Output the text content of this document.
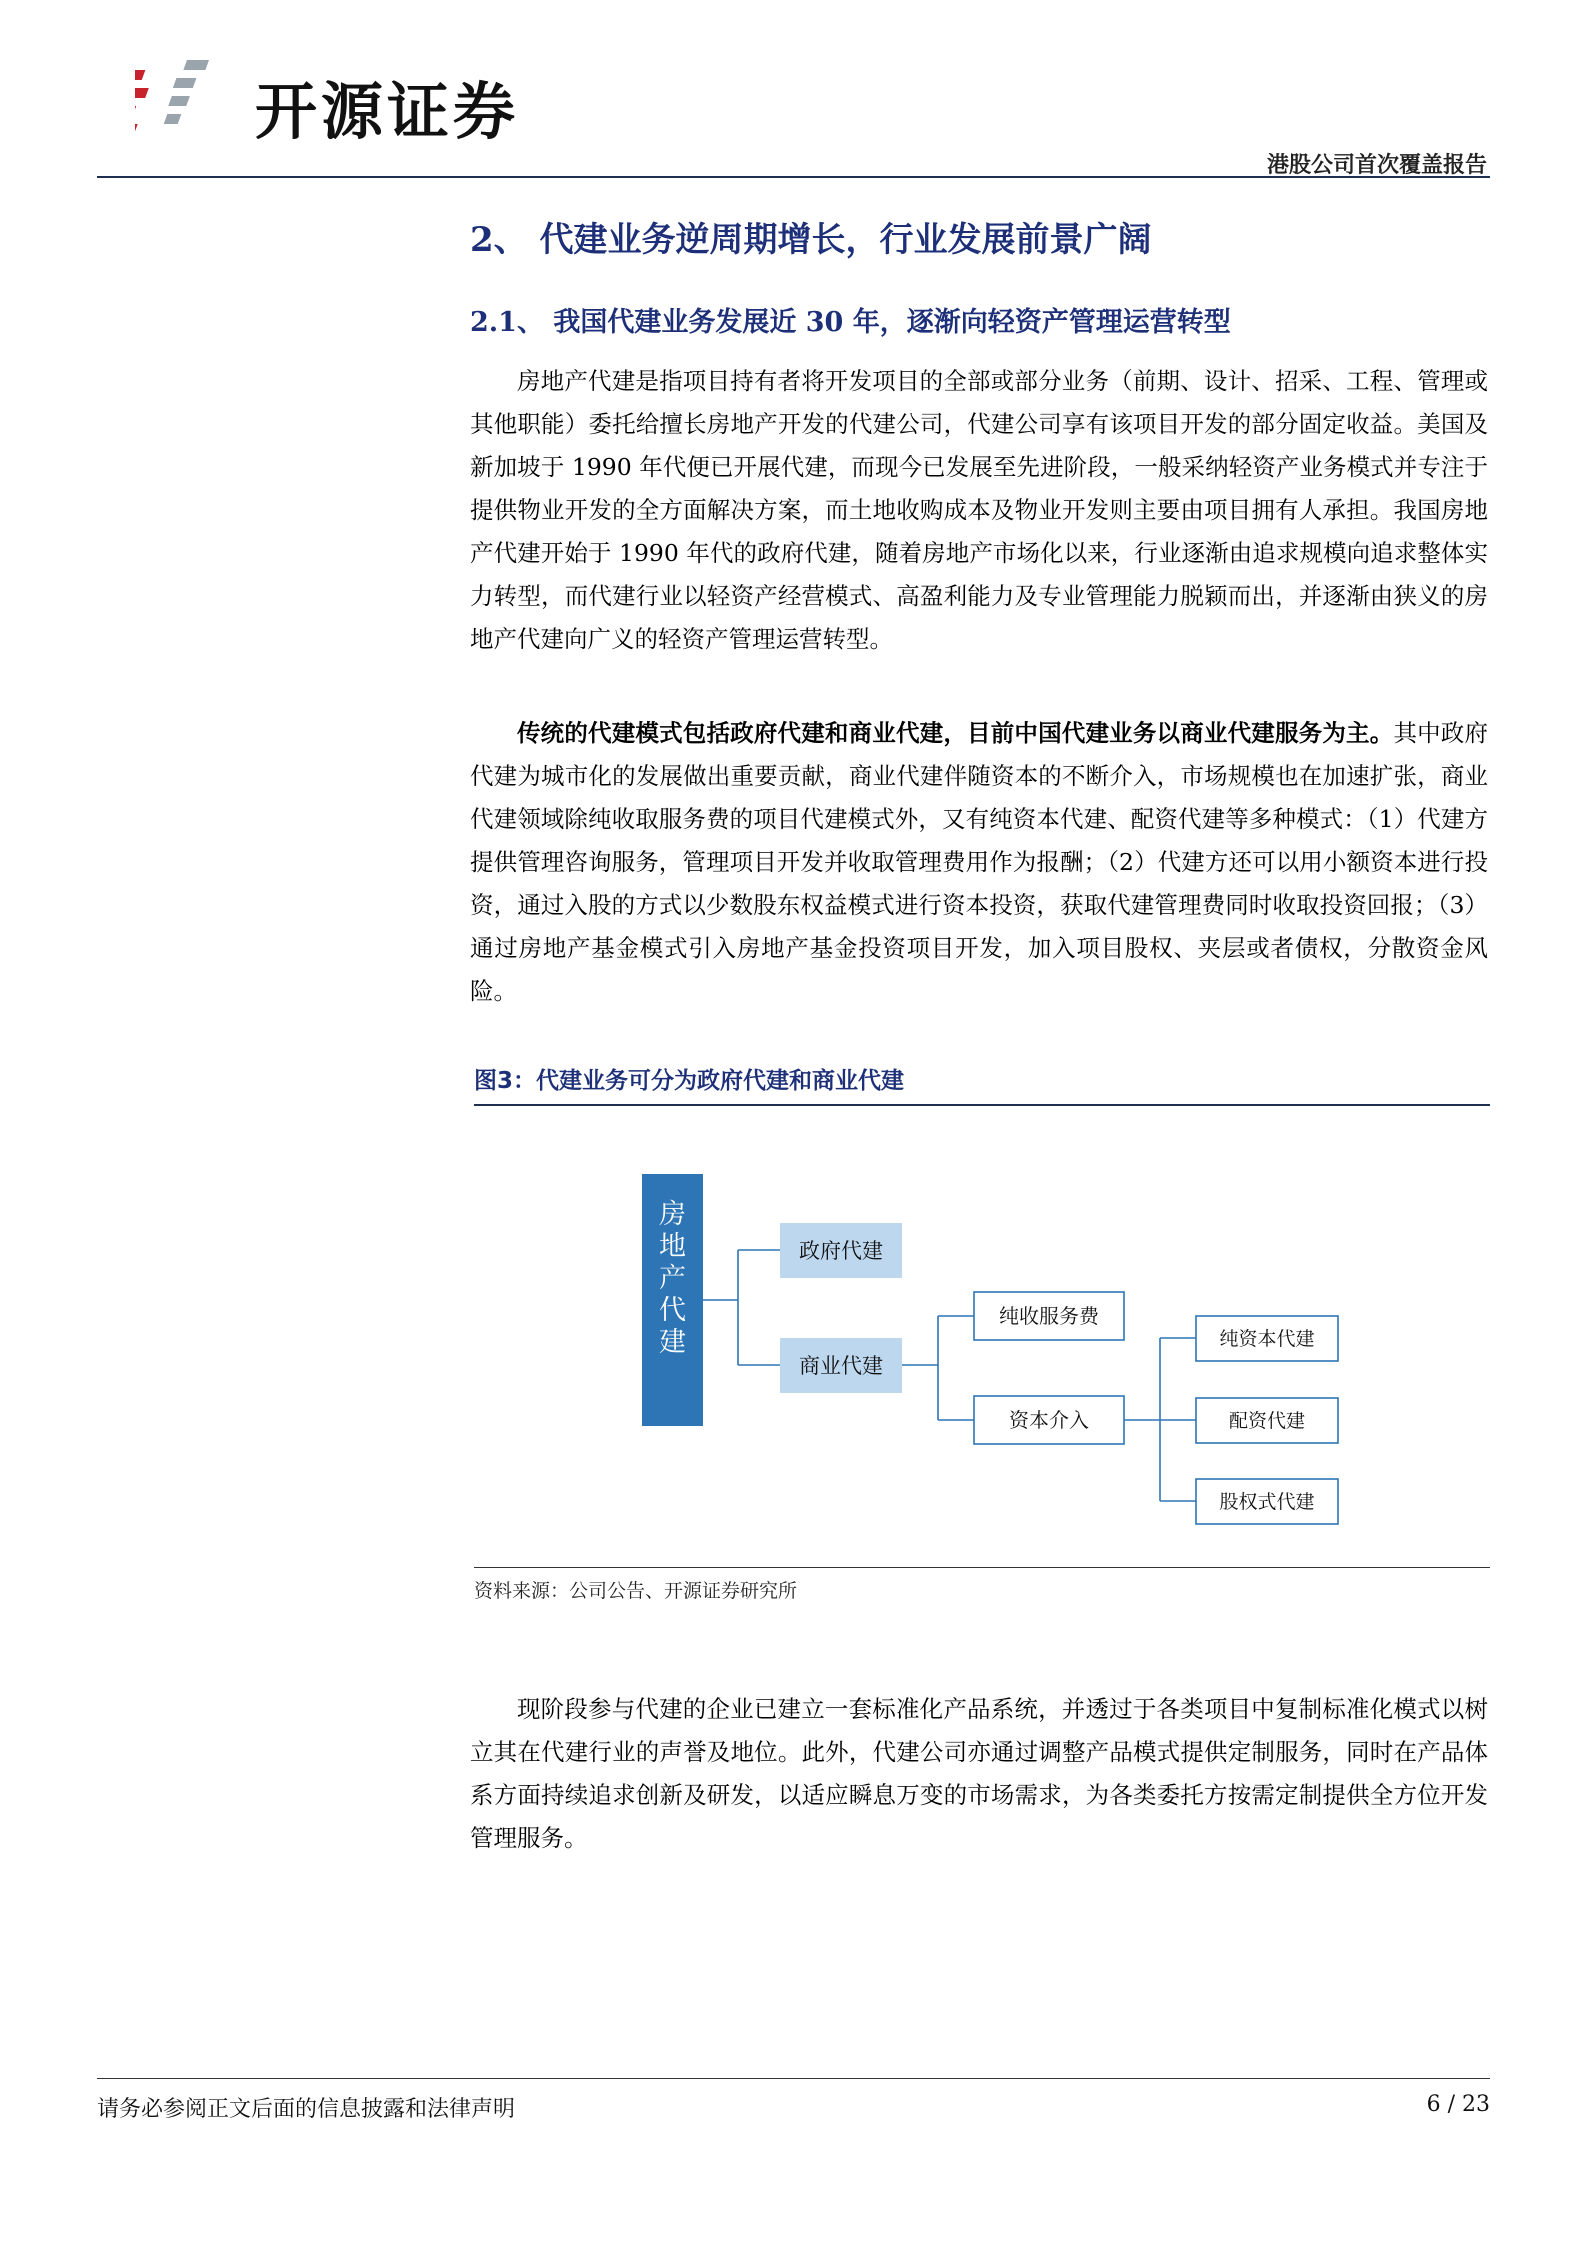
开源证券
港股公司首次覆盖报告
2、 代建业务逆周期增长，行业发展前景广阔
2.1、 我国代建业务发展近 30 年，逐渐向轻资产管理运营转型

房地产代建是指项目持有者将开发项目的全部或部分业务（前期、设计、招采、工程、管理或其他职能）委托给擅长房地产开发的代建公司，代建公司享有该项目开发的部分固定收益。美国及新加坡于 1990 年代便已开展代建，而现今已发展至先进阶段，一般采纳轻资产业务模式并专注于提供物业开发的全方面解决方案，而土地收购成本及物业开发则主要由项目拥有人承担。我国房地产代建开始于 1990 年代的政府代建，随着房地产市场化以来，行业逐渐由追求规模向追求整体实力转型，而代建行业以轻资产经营模式、高盈利能力及专业管理能力脱颖而出，并逐渐由狭义的房地产代建向广义的轻资产管理运营转型。

传统的代建模式包括政府代建和商业代建，目前中国代建业务以商业代建服务为主。其中政府代建为城市化的发展做出重要贡献，商业代建伴随资本的不断介入，市场规模也在加速扩张，商业代建领域除纯收取服务费的项目代建模式外，又有纯资本代建、配资代建等多种模式：（1）代建方提供管理咨询服务，管理项目开发并收取管理费用作为报酬；（2）代建方还可以用小额资本进行投资，通过入股的方式以少数股东权益模式进行资本投资，获取代建管理费同时收取投资回报；（3）通过房地产基金模式引入房地产基金投资项目开发，加入项目股权、夹层或者债权，分散资金风险。

图3：代建业务可分为政府代建和商业代建
房
地
产
代
建
政府代建
商业代建
纯收服务费
资本介入
纯资本代建
配资代建
股权式代建
资料来源：公司公告、开源证券研究所

现阶段参与代建的企业已建立一套标准化产品系统，并透过于各类项目中复制标准化模式以树立其在代建行业的声誉及地位。此外，代建公司亦通过调整产品模式提供定制服务，同时在产品体系方面持续追求创新及研发，以适应瞬息万变的市场需求，为各类委托方按需定制提供全方位开发管理服务。

请务必参阅正文后面的信息披露和法律声明	6 / 23
